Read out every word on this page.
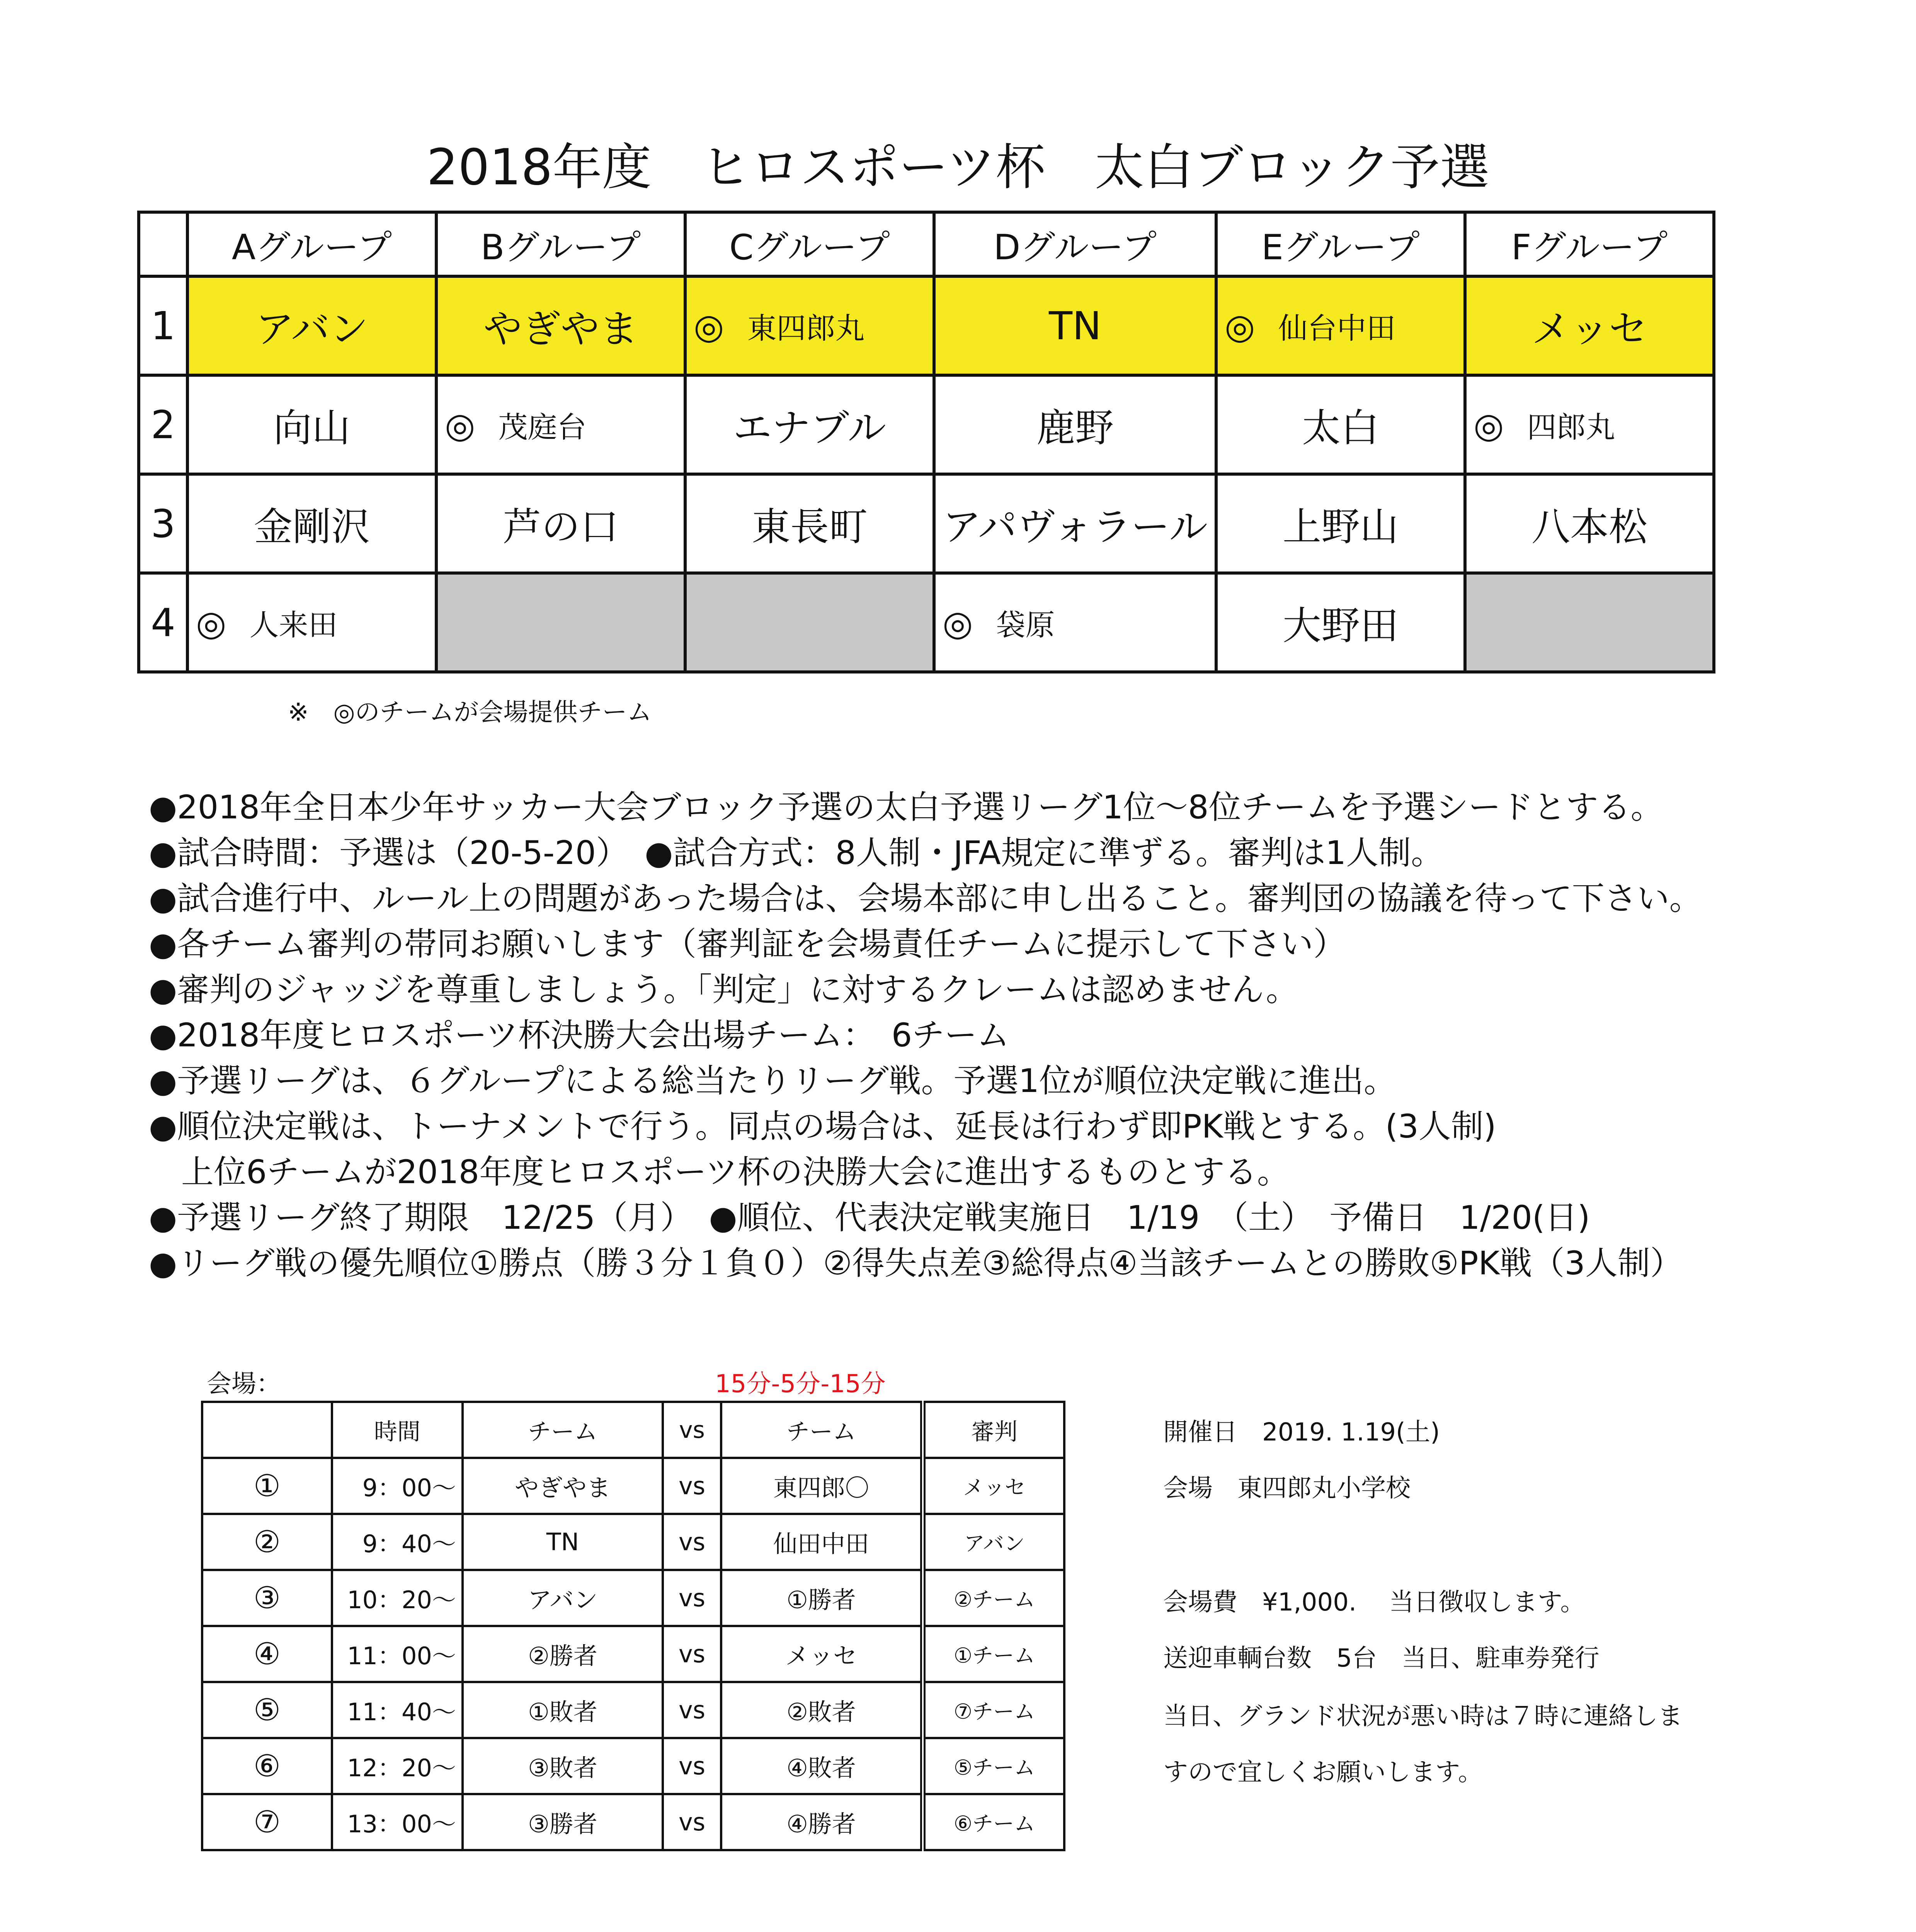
2018年度　ヒロスポーツ杯　太白ブロック予選
	Aグループ	Bグループ	Cグループ	Dグループ	Eグループ	Fグループ
1	アバン	やぎやま	◎ 東四郎丸	TN	◎ 仙台中田	メッセ
2	向山	◎ 茂庭台	エナブル	鹿野	太白	◎ 四郎丸
3	金剛沢	芦の口	東長町	アパヴォラール	上野山	八本松
4	◎ 人来田			◎ 袋原	大野田	
※　◎のチームが会場提供チーム
●2018年全日本少年サッカー大会ブロック予選の太白予選リーグ1位～8位チームを予選シードとする。
●試合時間：予選は（20-5-20）　●試合方式：8人制・JFA規定に準ずる。審判は1人制。
●試合進行中、ルール上の問題があった場合は、会場本部に申し出ること。審判団の協議を待って下さい。
●各チーム審判の帯同お願いします（審判証を会場責任チームに提示して下さい）
●審判のジャッジを尊重しましょう。「判定」に対するクレームは認めません。
●2018年度ヒロスポーツ杯決勝大会出場チーム：　6チーム
●予選リーグは、６グループによる総当たりリーグ戦。予選1位が順位決定戦に進出。
●順位決定戦は、トーナメントで行う。同点の場合は、延長は行わず即PK戦とする。(3人制)
　上位6チームが2018年度ヒロスポーツ杯の決勝大会に進出するものとする。
●予選リーグ終了期限　12/25（月）　●順位、代表決定戦実施日　1/19　（土）　予備日　1/20(日)
●リーグ戦の優先順位①勝点（勝３分１負０）②得失点差③総得点④当該チームとの勝敗⑤PK戦（3人制）
会場：	15分-5分-15分
	時間	チーム	vs	チーム	審判
①	9：00～	やぎやま	vs	東四郎〇	メッセ
②	9：40～	TN	vs	仙田中田	アバン
③	10：20～	アバン	vs	①勝者	②チーム
④	11：00～	②勝者	vs	メッセ	①チーム
⑤	11：40～	①敗者	vs	②敗者	⑦チーム
⑥	12：20～	③敗者	vs	④敗者	⑤チーム
⑦	13：00～	③勝者	vs	④勝者	⑥チーム
開催日　2019. 1.19(土)
会場　東四郎丸小学校
会場費　¥1,000.　 当日徴収します。
送迎車輌台数　5台　当日、駐車券発行
当日、グランド状況が悪い時は７時に連絡しま
すので宜しくお願いします。
